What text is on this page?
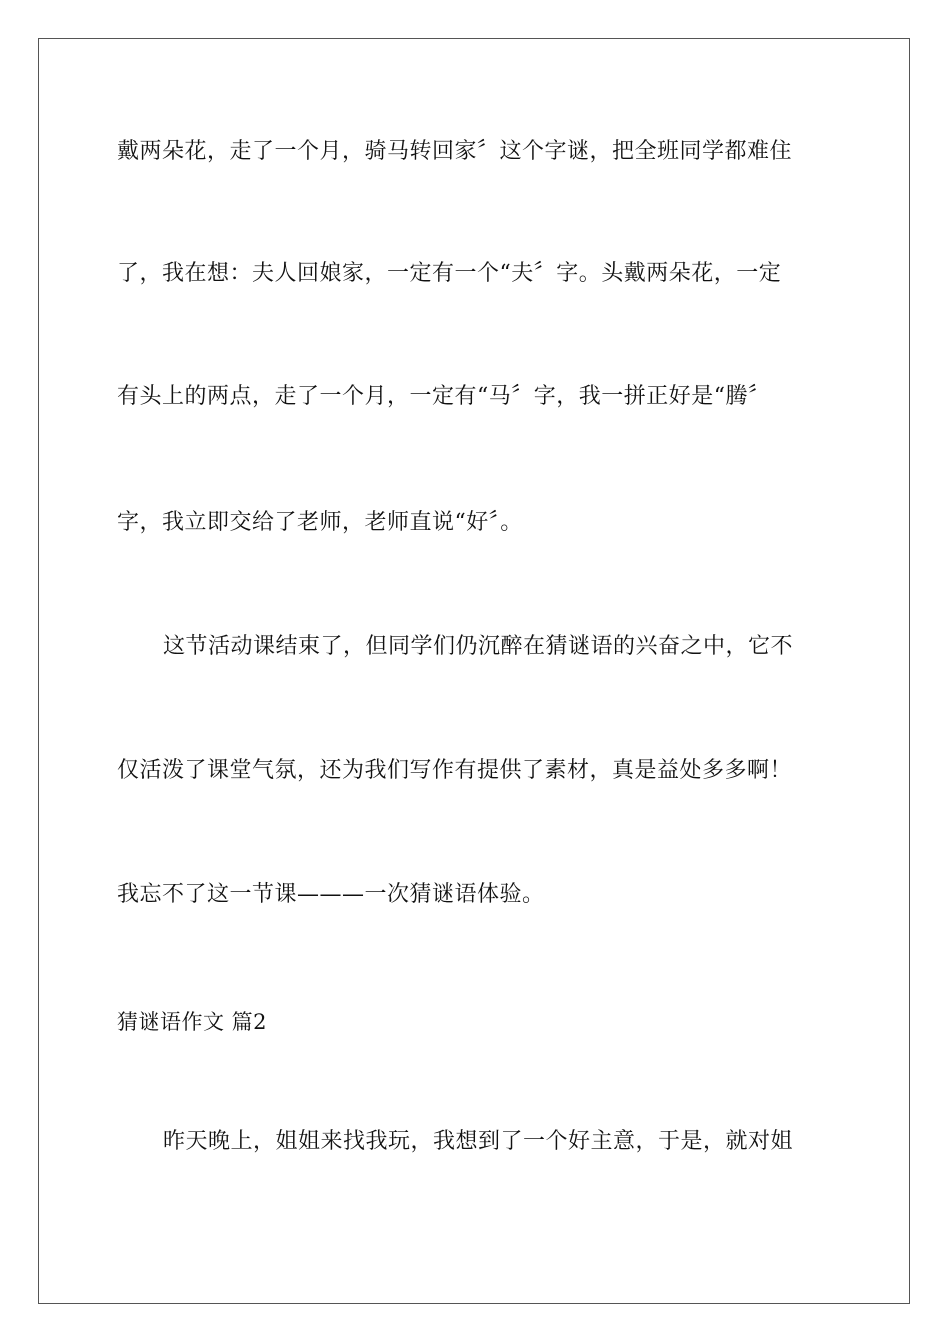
戴两朵花，走了一个月，骑马转回家〞这个字谜，把全班同学都难住
了，我在想：夫人回娘家，一定有一个“夫〞字。头戴两朵花，一定
有头上的两点，走了一个月，一定有“马〞字，我一拼正好是“腾〞
字，我立即交给了老师，老师直说“好〞。
这节活动课结束了，但同学们仍沉醉在猜谜语的兴奋之中，它不
仅活泼了课堂气氛，还为我们写作有提供了素材，真是益处多多啊！
我忘不了这一节课———一次猜谜语体验。
猜谜语作文 篇2
昨天晚上，姐姐来找我玩，我想到了一个好主意，于是，就对姐
